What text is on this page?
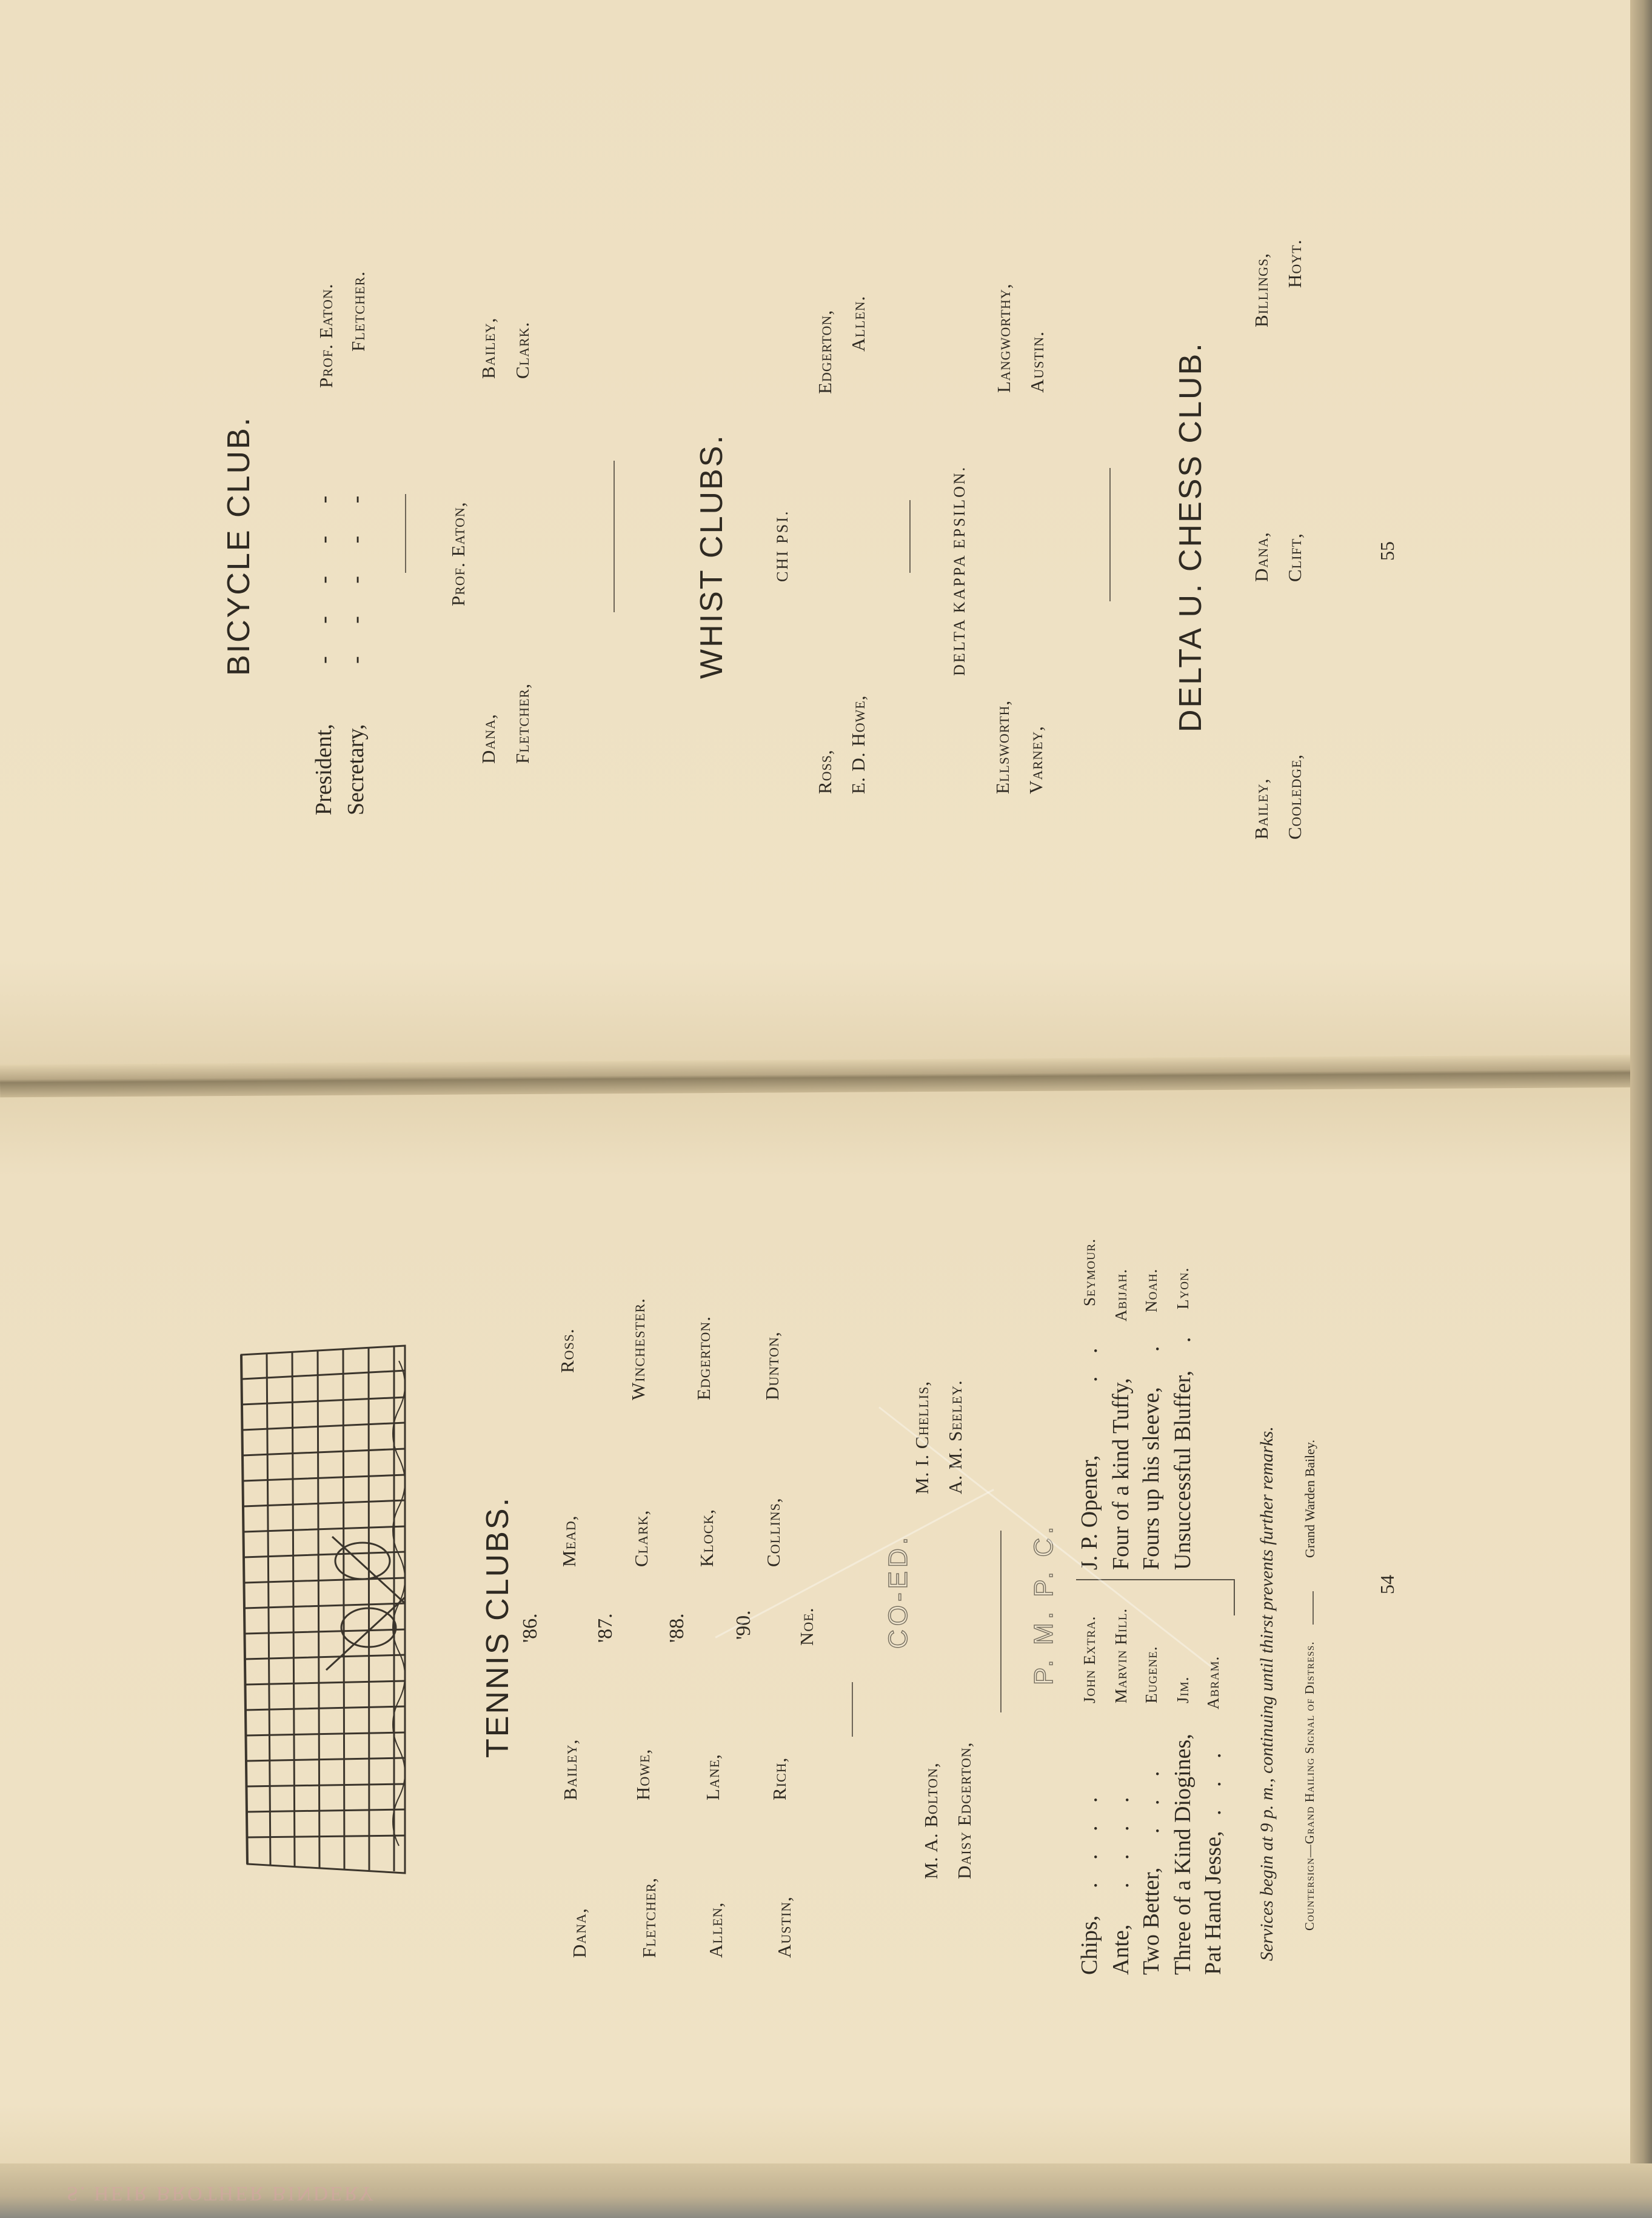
BICYCLE CLUB.
President,
- - - - -
Prof. Eaton.
Secretary,
- - - - -
Fletcher.
Dana, Fletcher,
Prof. Eaton,
Bailey, Clark.
WHIST CLUBS.	CHI PSI.
Ross, E. D. Howe,
Edgerton, Allen.
DELTA KAPPA EPSILON.
Ellsworth, Varney,
Langworthy, Austin.	DELTA U. CHESS CLUB.
Bailey, Cooledge,
Dana, Clift,
Billings, Hoyt.
55
TENNIS CLUBS. '86.
Dana,
Bailey,
Mead,
Ross.
'87.
Fletcher,
Howe,
Clark,
Winchester.
'88.
Allen,
Lane,
Klock,
Edgerton.
'90.
Austin,
Rich,
Collins,
Dunton,
Noe. CO-ED.
M. A. Bolton, Daisy Edgerton,
M. I. Chellis, A. M. Seeley.
P. M. P. C.
Chips,
. . . .
John Extra.
J. P. Opener,
. .
Seymour.
Ante,
. . . .
Marvin Hill.
Four of a kind Tuffy,
Abijah.
Two Better,
. . .
Eugene.
Fours up his sleeve,
.
Noah.
Three of a Kind Diogines,
Jim.
Unsuccessful Bluffer,
.
Lyon.
Pat Hand Jesse,
. . .
Abram. Services begin at 9 p. m., continuing until thirst prevents further remarks. Countersign—Grand Hailing Signal of Distress.
Grand Warden Bailey.
54
S. HEIR BROTHER BINDERY
